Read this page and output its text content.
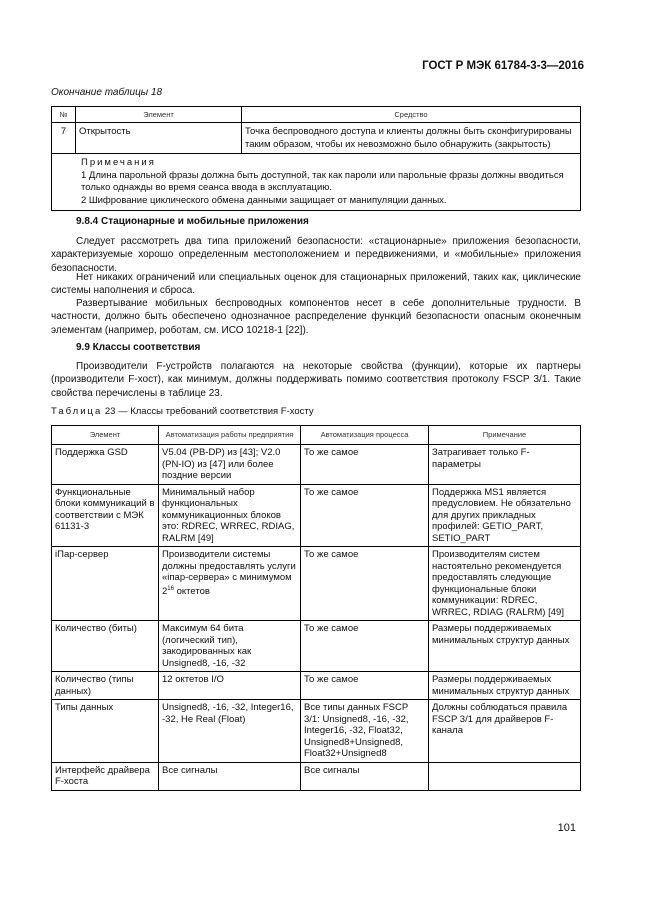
ГОСТ Р МЭК 61784-3-3—2016
Окончание таблицы 18
№	Элемент	Средство
7	Открытость	Точка беспроводного доступа и клиенты должны быть сконфигурированы таким образом, чтобы их невозможно было обнаружить (закрытость)

Примечания
1 Длина парольной фразы должна быть доступной, так как пароли или парольные фразы должны вводиться только однажды во время сеанса ввода в эксплуатацию.
2 Шифрование циклического обмена данными защищает от манипуляции данных.		
9.8.4 Стационарные и мобильные приложения
Следует рассмотреть два типа приложений безопасности: «стационарные» приложения безопасности, характеризуемые хорошо определенным местоположением и передвижениями, и «мобильные» приложения безопасности.
Нет никаких ограничений или специальных оценок для стационарных приложений, таких как, циклические системы наполнения и сброса.
Развертывание мобильных беспроводных компонентов несет в себе дополнительные трудности. В частности, должно быть обеспечено однозначное распределение функций безопасности опасным оконечным элементам (например, роботам, см. ИСО 10218-1 [22]).
9.9 Классы соответствия
Производители F-устройств полагаются на некоторые свойства (функции), которые их партнеры (производители F-хост), как минимум, должны поддерживать помимо соответствия протоколу FSCP 3/1. Такие свойства перечислены в таблице 23.
Таблица 23 — Классы требований соответствия F-хосту
Элемент	Автоматизация работы предприятия	Автоматизация процесса	Примечание
Поддержка GSD	V5.04 (PB-DP) из [43]; V2.0 (PN-IO) из [47] или более поздние версии	То же самое	Затрагивает только F-параметры
Функциональные блоки коммуникаций в соответствии с МЭК 61131-3	Минимальный набор функциональных коммуникационных блоков это: RDREC, WRREC, RDIAG, RALRM [49]	То же самое	Поддержка MS1 является предусловием. Не обязательно для других прикладных профилей: GETIO_PART, SETIO_PART
iПар-сервер	Производители системы должны предоставлять услуги «iпар-сервера» с минимумом $2^{16}$ октетов	То же самое	Производителям систем настоятельно рекомендуется предоставлять следующие функциональные блоки коммуникации: RDREC, WRREC, RDIAG (RALRM) [49]
Количество (биты)	Максимум 64 бита (логический тип), закодированных как Unsigned8, -16, -32	То же самое	Размеры поддерживаемых минимальных структур данных
Количество (типы данных)	12 октетов I/O	То же самое	Размеры поддерживаемых минимальных структур данных
Типы данных	Unsigned8, -16, -32, Integer16, -32, Не Real (Float)	Все типы данных FSCP 3/1: Unsigned8, -16, -32, Integer16, -32, Float32, Unsigned8+Unsigned8, Float32+Unsigned8	Должны соблюдаться правила FSCP 3/1 для драйверов F-канала
Интерфейс драйвера F-хоста	Все сигналы	Все сигналы	
101
